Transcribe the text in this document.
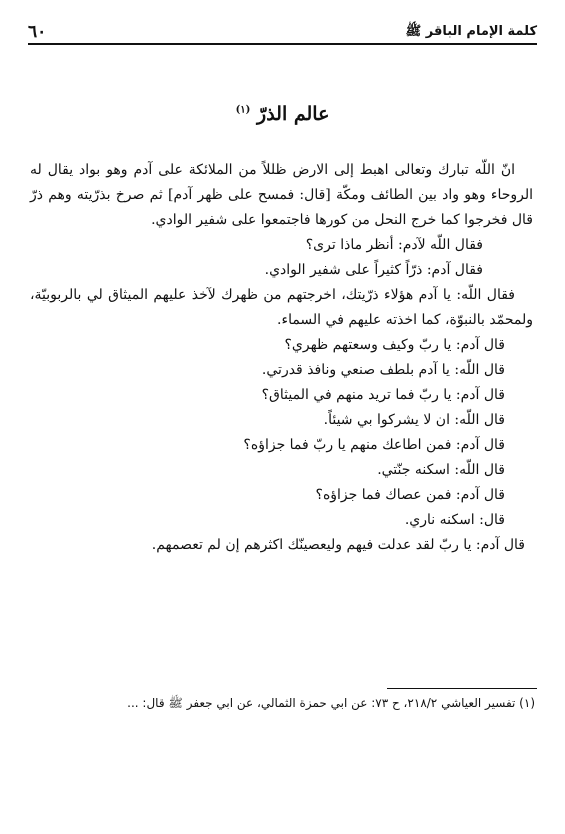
كلمة الإمام الباقر ﷺ
٦٠
عالم الذرّ $^{(١)}$

انّ اللّه تبارك وتعالى اهبط إلى الارض ظللاً من الملائكة على آدم وهو بواد يقال له الروحاء وهو واد بين الطائف ومكّة [قال: فمسح على ظهر آدم] ثم صرخ بذرّيته وهم ذرّ قال فخرجوا كما خرج النحل من كورها فاجتمعوا على شفير الوادي.

فقال اللّه لآدم: أنظر ماذا ترى؟

فقال آدم: ذرّاً كثيراً على شفير الوادي.

فقال اللّه: يا آدم هؤلاء ذرّيتك، اخرجتهم من ظهرك لآخذ عليهم الميثاق لي بالربوبيّة، ولمحمّد بالنبوّة، كما اخذته عليهم في السماء.

قال آدم: يا ربّ وكيف وسعتهم ظهري؟

قال اللّه: يا آدم بلطف صنعي ونافذ قدرتي.

قال آدم: يا ربّ فما تريد منهم في الميثاق؟

قال اللّه: ان لا يشركوا بي شيئاً.

قال آدم: فمن اطاعك منهم يا ربّ فما جزاؤه؟

قال اللّه: اسكنه جنّتي.

قال آدم: فمن عصاك فما جزاؤه؟

قال: اسكنه ناري.

قال آدم: يا ربّ لقد عدلت فيهم وليعصينّك اكثرهم إن لم تعصمهم.

(١) تفسير العياشي ٢١٨/٢، ح ٧٣: عن ابي حمزة الثمالي، عن ابي جعفر ﷺ قال: ...
